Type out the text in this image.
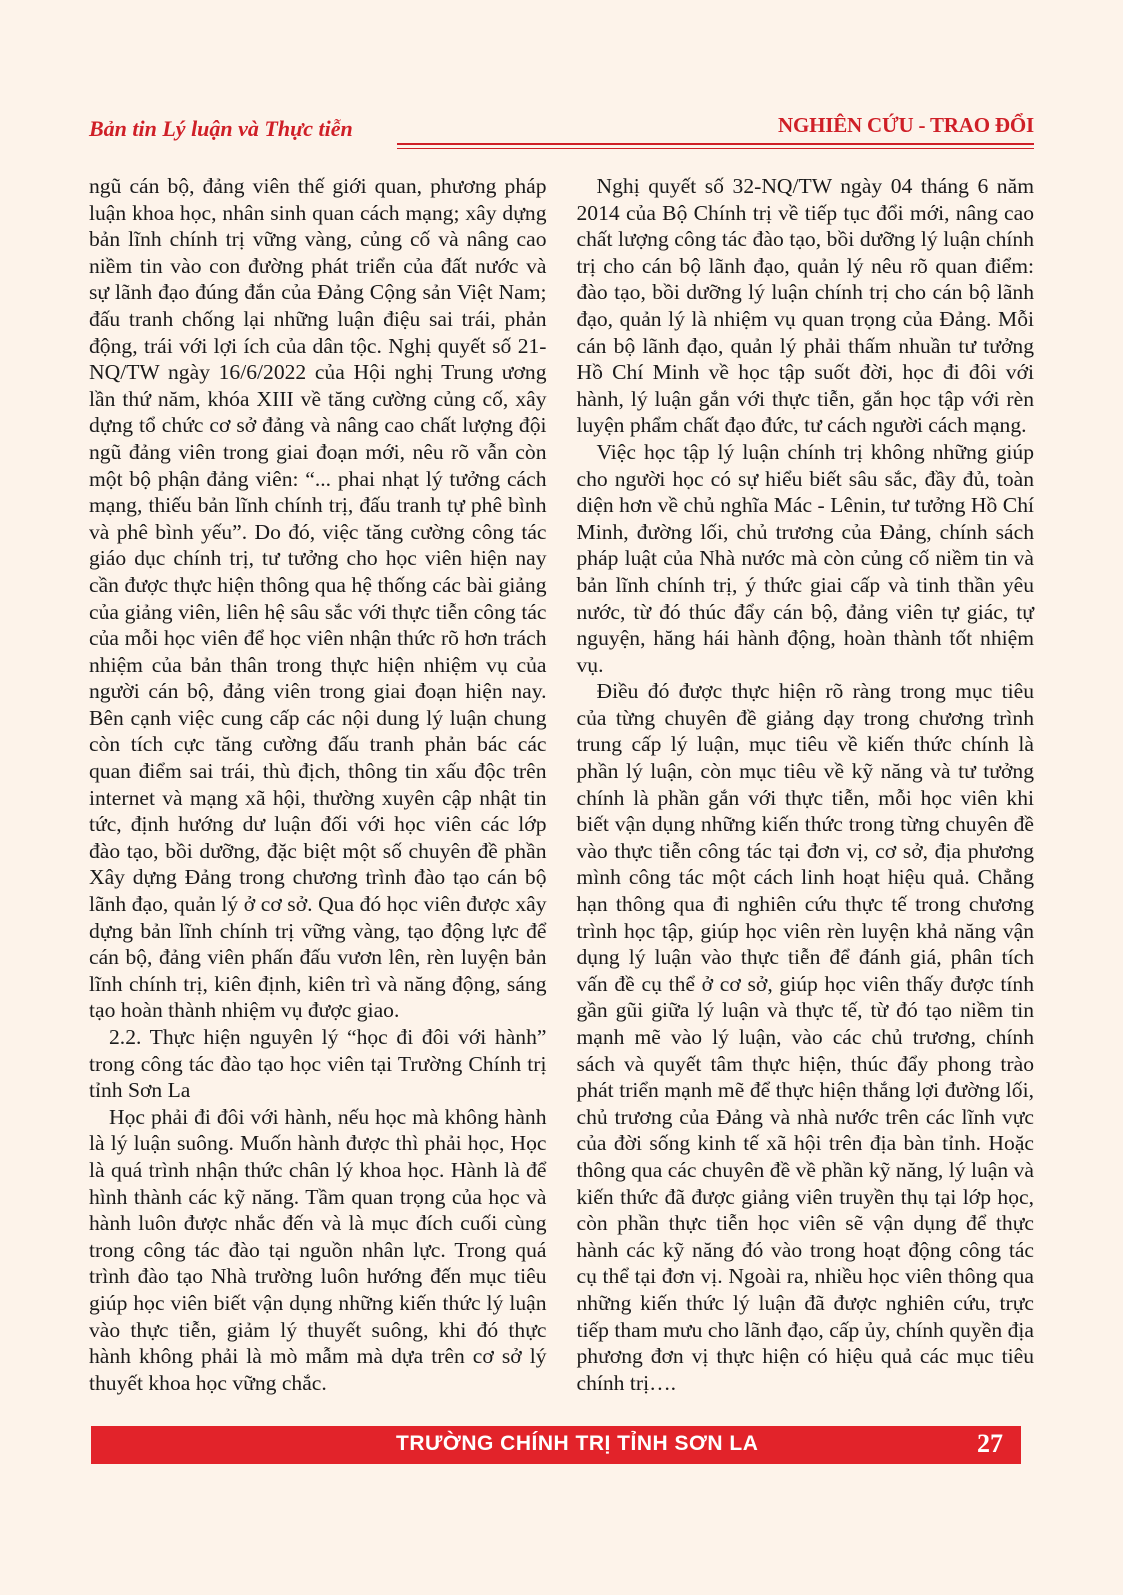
Bản tin Lý luận và Thực tiễn	NGHIÊN CỨU - TRAO ĐỔI

ngũ cán bộ, đảng viên thế giới quan, phương pháp luận khoa học, nhân sinh quan cách mạng; xây dựng bản lĩnh chính trị vững vàng, củng cố và nâng cao niềm tin vào con đường phát triển của đất nước và sự lãnh đạo đúng đắn của Đảng Cộng sản Việt Nam; đấu tranh chống lại những luận điệu sai trái, phản động, trái với lợi ích của dân tộc. Nghị quyết số 21-NQ/TW ngày 16/6/2022 của Hội nghị Trung ương lần thứ năm, khóa XIII về tăng cường củng cố, xây dựng tổ chức cơ sở đảng và nâng cao chất lượng đội ngũ đảng viên trong giai đoạn mới, nêu rõ vẫn còn một bộ phận đảng viên: “... phai nhạt lý tưởng cách mạng, thiếu bản lĩnh chính trị, đấu tranh tự phê bình và phê bình yếu”. Do đó, việc tăng cường công tác giáo dục chính trị, tư tưởng cho học viên hiện nay cần được thực hiện thông qua hệ thống các bài giảng của giảng viên, liên hệ sâu sắc với thực tiễn công tác của mỗi học viên để học viên nhận thức rõ hơn trách nhiệm của bản thân trong thực hiện nhiệm vụ của người cán bộ, đảng viên trong giai đoạn hiện nay. Bên cạnh việc cung cấp các nội dung lý luận chung còn tích cực tăng cường đấu tranh phản bác các quan điểm sai trái, thù địch, thông tin xấu độc trên internet và mạng xã hội, thường xuyên cập nhật tin tức, định hướng dư luận đối với học viên các lớp đào tạo, bồi dưỡng, đặc biệt một số chuyên đề phần Xây dựng Đảng trong chương trình đào tạo cán bộ lãnh đạo, quản lý ở cơ sở. Qua đó học viên được xây dựng bản lĩnh chính trị vững vàng, tạo động lực để cán bộ, đảng viên phấn đấu vươn lên, rèn luyện bản lĩnh chính trị, kiên định, kiên trì và năng động, sáng tạo hoàn thành nhiệm vụ được giao.

2.2. Thực hiện nguyên lý “học đi đôi với hành” trong công tác đào tạo học viên tại Trường Chính trị tỉnh Sơn La

Học phải đi đôi với hành, nếu học mà không hành là lý luận suông. Muốn hành được thì phải học, Học là quá trình nhận thức chân lý khoa học. Hành là để hình thành các kỹ năng. Tầm quan trọng của học và hành luôn được nhắc đến và là mục đích cuối cùng trong công tác đào tại nguồn nhân lực. Trong quá trình đào tạo Nhà trường luôn hướng đến mục tiêu giúp học viên biết vận dụng những kiến thức lý luận vào thực tiễn, giảm lý thuyết suông, khi đó thực hành không phải là mò mẫm mà dựa trên cơ sở lý thuyết khoa học vững chắc.

Nghị quyết số 32-NQ/TW ngày 04 tháng 6 năm 2014 của Bộ Chính trị về tiếp tục đổi mới, nâng cao chất lượng công tác đào tạo, bồi dưỡng lý luận chính trị cho cán bộ lãnh đạo, quản lý nêu rõ quan điểm: đào tạo, bồi dưỡng lý luận chính trị cho cán bộ lãnh đạo, quản lý là nhiệm vụ quan trọng của Đảng. Mỗi cán bộ lãnh đạo, quản lý phải thấm nhuần tư tưởng Hồ Chí Minh về học tập suốt đời, học đi đôi với hành, lý luận gắn với thực tiễn, gắn học tập với rèn luyện phẩm chất đạo đức, tư cách người cách mạng.

Việc học tập lý luận chính trị không những giúp cho người học có sự hiểu biết sâu sắc, đầy đủ, toàn diện hơn về chủ nghĩa Mác - Lênin, tư tưởng Hồ Chí Minh, đường lối, chủ trương của Đảng, chính sách pháp luật của Nhà nước mà còn củng cố niềm tin và bản lĩnh chính trị, ý thức giai cấp và tinh thần yêu nước, từ đó thúc đẩy cán bộ, đảng viên tự giác, tự nguyện, hăng hái hành động, hoàn thành tốt nhiệm vụ.

Điều đó được thực hiện rõ ràng trong mục tiêu của từng chuyên đề giảng dạy trong chương trình trung cấp lý luận, mục tiêu về kiến thức chính là phần lý luận, còn mục tiêu về kỹ năng và tư tưởng chính là phần gắn với thực tiễn, mỗi học viên khi biết vận dụng những kiến thức trong từng chuyên đề vào thực tiễn công tác tại đơn vị, cơ sở, địa phương mình công tác một cách linh hoạt hiệu quả. Chẳng hạn thông qua đi nghiên cứu thực tế trong chương trình học tập, giúp học viên rèn luyện khả năng vận dụng lý luận vào thực tiễn để đánh giá, phân tích vấn đề cụ thể ở cơ sở, giúp học viên thấy được tính gần gũi giữa lý luận và thực tế, từ đó tạo niềm tin mạnh mẽ vào lý luận, vào các chủ trương, chính sách và quyết tâm thực hiện, thúc đẩy phong trào phát triển mạnh mẽ để thực hiện thắng lợi đường lối, chủ trương của Đảng và nhà nước trên các lĩnh vực của đời sống kinh tế xã hội trên địa bàn tỉnh. Hoặc thông qua các chuyên đề về phần kỹ năng, lý luận và kiến thức đã được giảng viên truyền thụ tại lớp học, còn phần thực tiễn học viên sẽ vận dụng để thực hành các kỹ năng đó vào trong hoạt động công tác cụ thể tại đơn vị. Ngoài ra, nhiều học viên thông qua những kiến thức lý luận đã được nghiên cứu, trực tiếp tham mưu cho lãnh đạo, cấp ủy, chính quyền địa phương đơn vị thực hiện có hiệu quả các mục tiêu chính trị….

TRƯỜNG CHÍNH TRỊ TỈNH SƠN LA	27
